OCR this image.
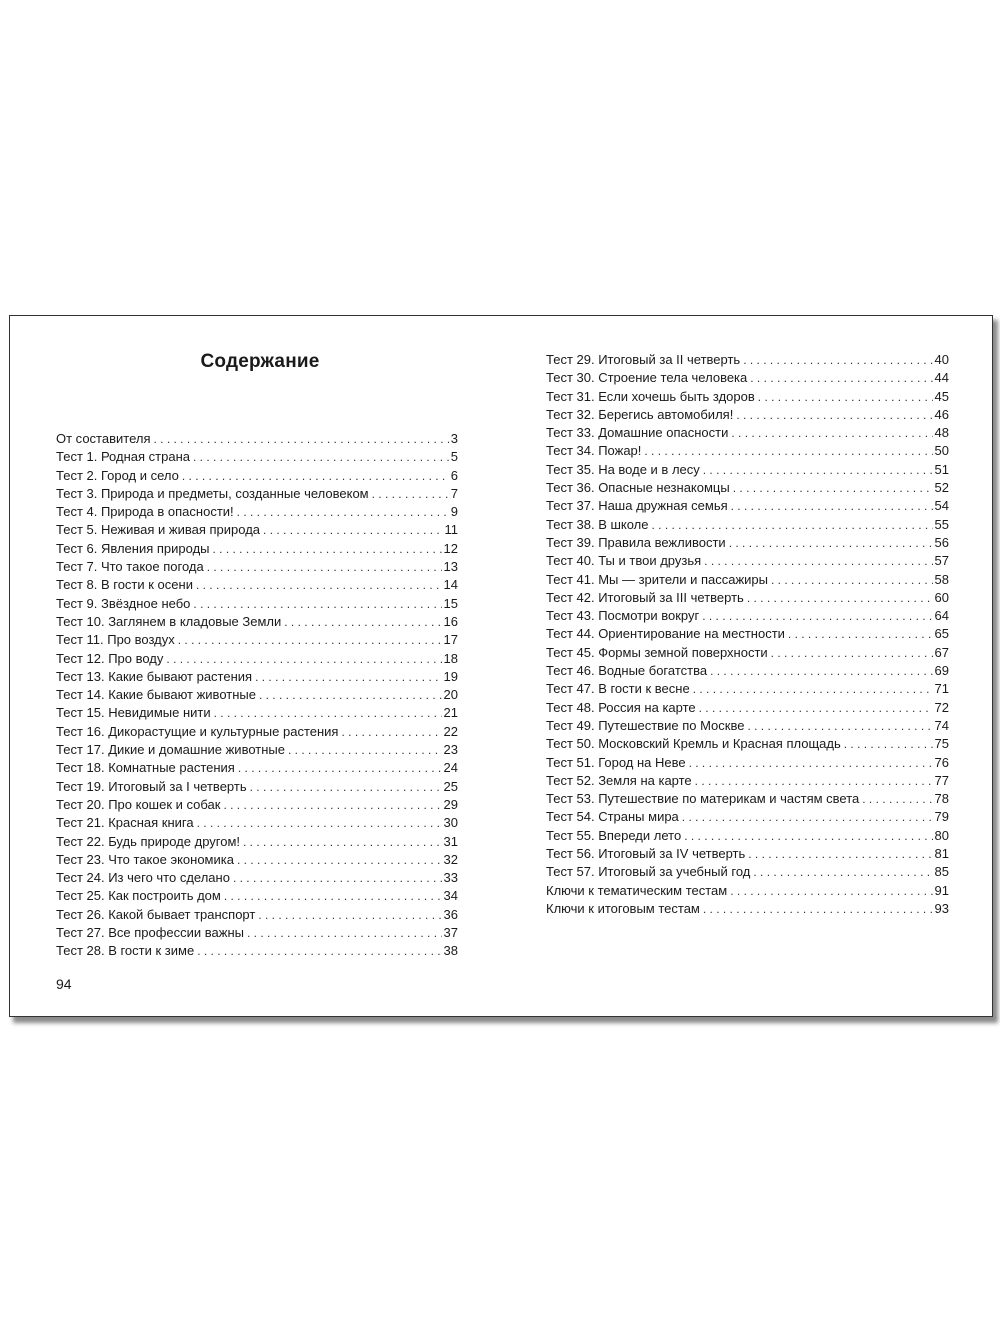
Содержание
От составителя . . .	3
Тест 1. Родная страна . . .	5
Тест 2. Город и село . . .	6
Тест 3. Природа и предметы, созданные человеком . . .	7
Тест 4. Природа в опасности! . . .	9
Тест 5. Неживая и живая природа . . .	11
Тест 6. Явления природы . . .	12
Тест 7. Что такое погода . . .	13
Тест 8. В гости к осени . . .	14
Тест 9. Звёздное небо . . .	15
Тест 10. Заглянем в кладовые Земли . . .	16
Тест 11. Про воздух . . .	17
Тест 12. Про воду . . .	18
Тест 13. Какие бывают растения . . .	19
Тест 14. Какие бывают животные . . .	20
Тест 15. Невидимые нити . . .	21
Тест 16. Дикорастущие и культурные растения . . .	22
Тест 17. Дикие и домашние животные . . .	23
Тест 18. Комнатные растения . . .	24
Тест 19. Итоговый за I четверть . . .	25
Тест 20. Про кошек и собак . . .	29
Тест 21. Красная книга . . .	30
Тест 22. Будь природе другом! . . .	31
Тест 23. Что такое экономика . . .	32
Тест 24. Из чего что сделано . . .	33
Тест 25. Как построить дом . . .	34
Тест 26. Какой бывает транспорт . . .	36
Тест 27. Все профессии важны . . .	37
Тест 28. В гости к зиме . . .	38
Тест 29. Итоговый за II четверть . . .	40
Тест 30. Строение тела человека . . .	44
Тест 31. Если хочешь быть здоров . . .	45
Тест 32. Берегись автомобиля! . . .	46
Тест 33. Домашние опасности . . .	48
Тест 34. Пожар! . . .	50
Тест 35. На воде и в лесу . . .	51
Тест 36. Опасные незнакомцы . . .	52
Тест 37. Наша дружная семья . . .	54
Тест 38. В школе . . .	55
Тест 39. Правила вежливости . . .	56
Тест 40. Ты и твои друзья . . .	57
Тест 41. Мы — зрители и пассажиры . . .	58
Тест 42. Итоговый за III четверть . . .	60
Тест 43. Посмотри вокруг . . .	64
Тест 44. Ориентирование на местности . . .	65
Тест 45. Формы земной поверхности . . .	67
Тест 46. Водные богатства . . .	69
Тест 47. В гости к весне . . .	71
Тест 48. Россия на карте . . .	72
Тест 49. Путешествие по Москве . . .	74
Тест 50. Московский Кремль и Красная площадь . . .	75
Тест 51. Город на Неве . . .	76
Тест 52. Земля на карте . . .	77
Тест 53. Путешествие по материкам и частям света . . .	78
Тест 54. Страны мира . . .	79
Тест 55. Впереди лето . . .	80
Тест 56. Итоговый за IV четверть . . .	81
Тест 57. Итоговый за учебный год . . .	85
Ключи к тематическим тестам . . .	91
Ключи к итоговым тестам . . .	93
94
